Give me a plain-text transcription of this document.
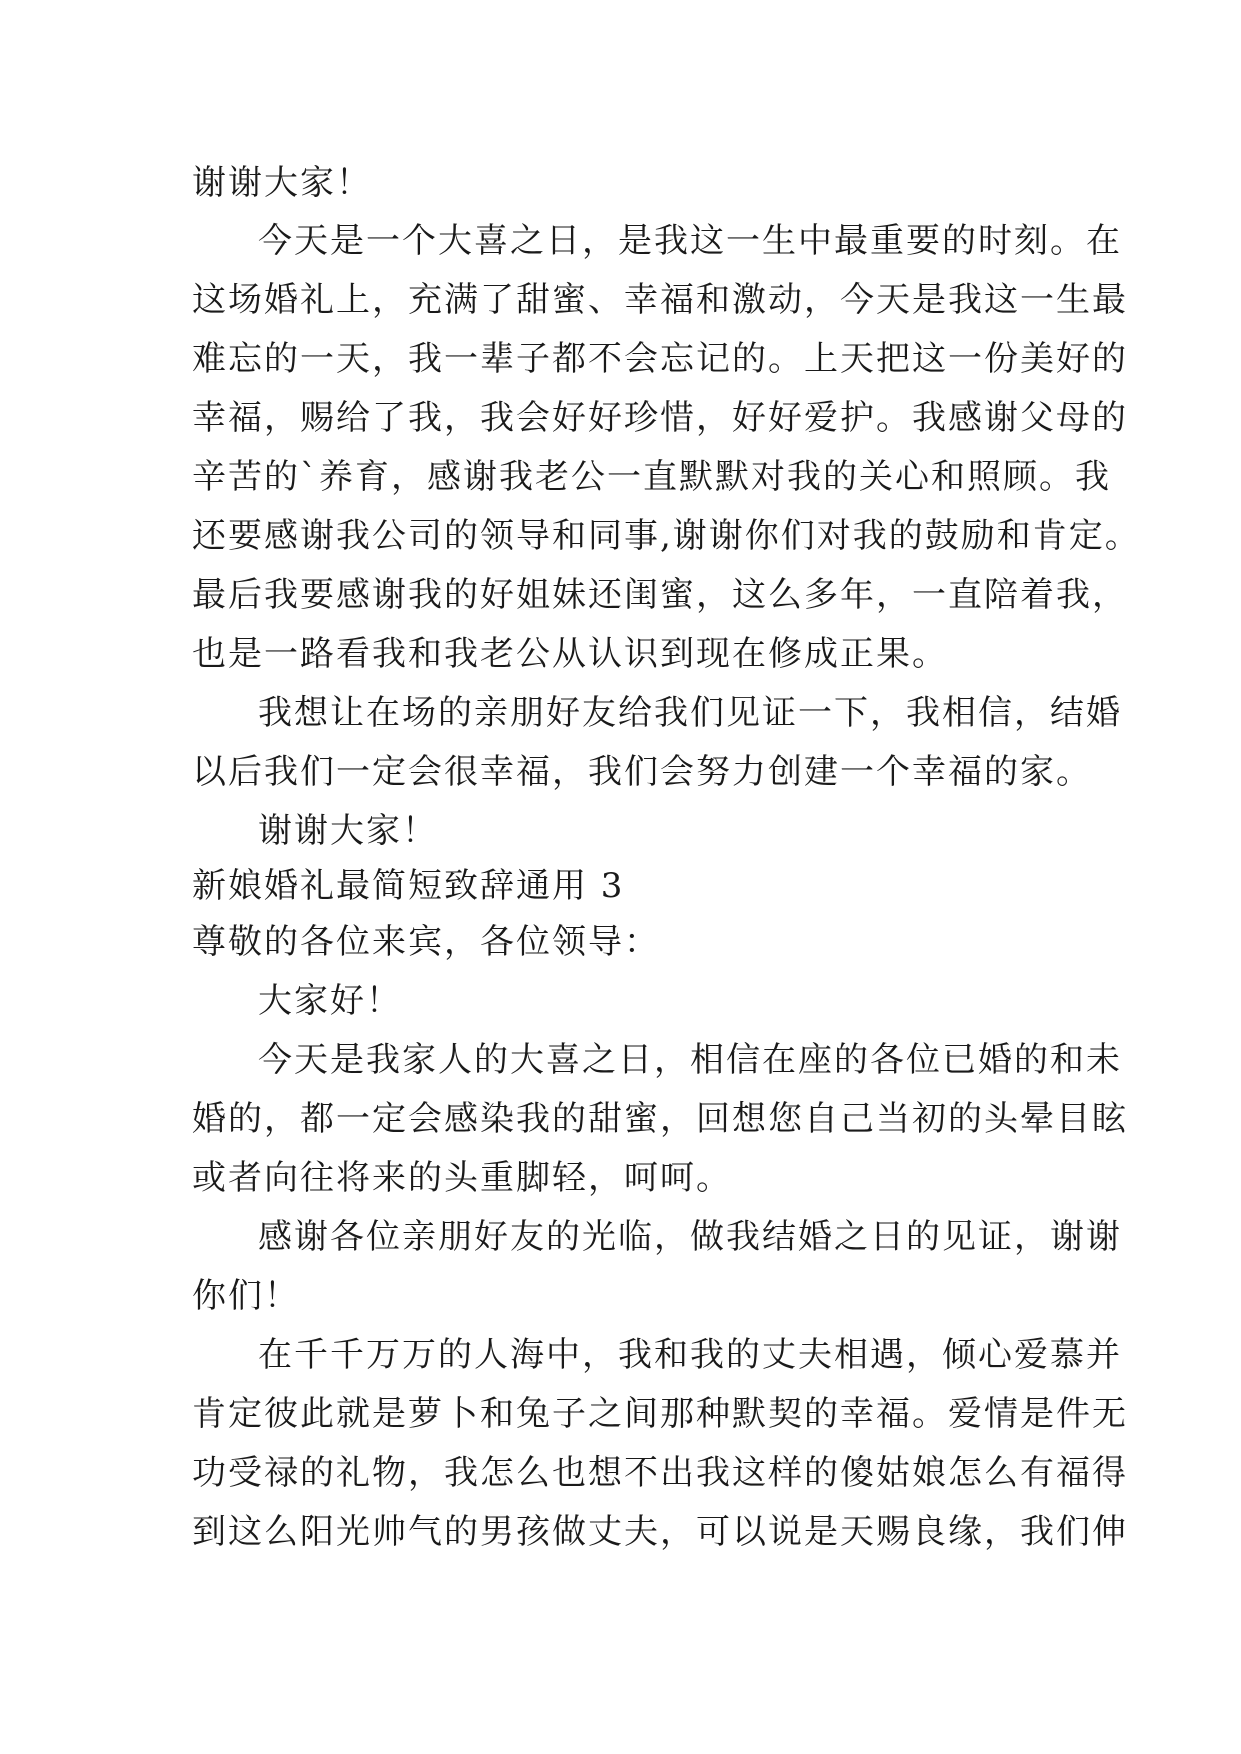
谢谢大家！
今天是一个大喜之日，是我这一生中最重要的时刻。在
这场婚礼上，充满了甜蜜、幸福和激动，今天是我这一生最
难忘的一天，我一辈子都不会忘记的。上天把这一份美好的
幸福，赐给了我，我会好好珍惜，好好爱护。我感谢父母的
辛苦的`养育，感谢我老公一直默默对我的关心和照顾。我
还要感谢我公司的领导和同事,谢谢你们对我的鼓励和肯定。
最后我要感谢我的好姐妹还闺蜜，这么多年，一直陪着我，
也是一路看我和我老公从认识到现在修成正果。
我想让在场的亲朋好友给我们见证一下，我相信，结婚
以后我们一定会很幸福，我们会努力创建一个幸福的家。
谢谢大家！
新娘婚礼最简短致辞通用 3
尊敬的各位来宾，各位领导：
大家好！
今天是我家人的大喜之日，相信在座的各位已婚的和未
婚的，都一定会感染我的甜蜜，回想您自己当初的头晕目眩
或者向往将来的头重脚轻，呵呵。
感谢各位亲朋好友的光临，做我结婚之日的见证，谢谢
你们！
在千千万万的人海中，我和我的丈夫相遇，倾心爱慕并
肯定彼此就是萝卜和兔子之间那种默契的幸福。爱情是件无
功受禄的礼物，我怎么也想不出我这样的傻姑娘怎么有福得
到这么阳光帅气的男孩做丈夫，可以说是天赐良缘，我们伸
